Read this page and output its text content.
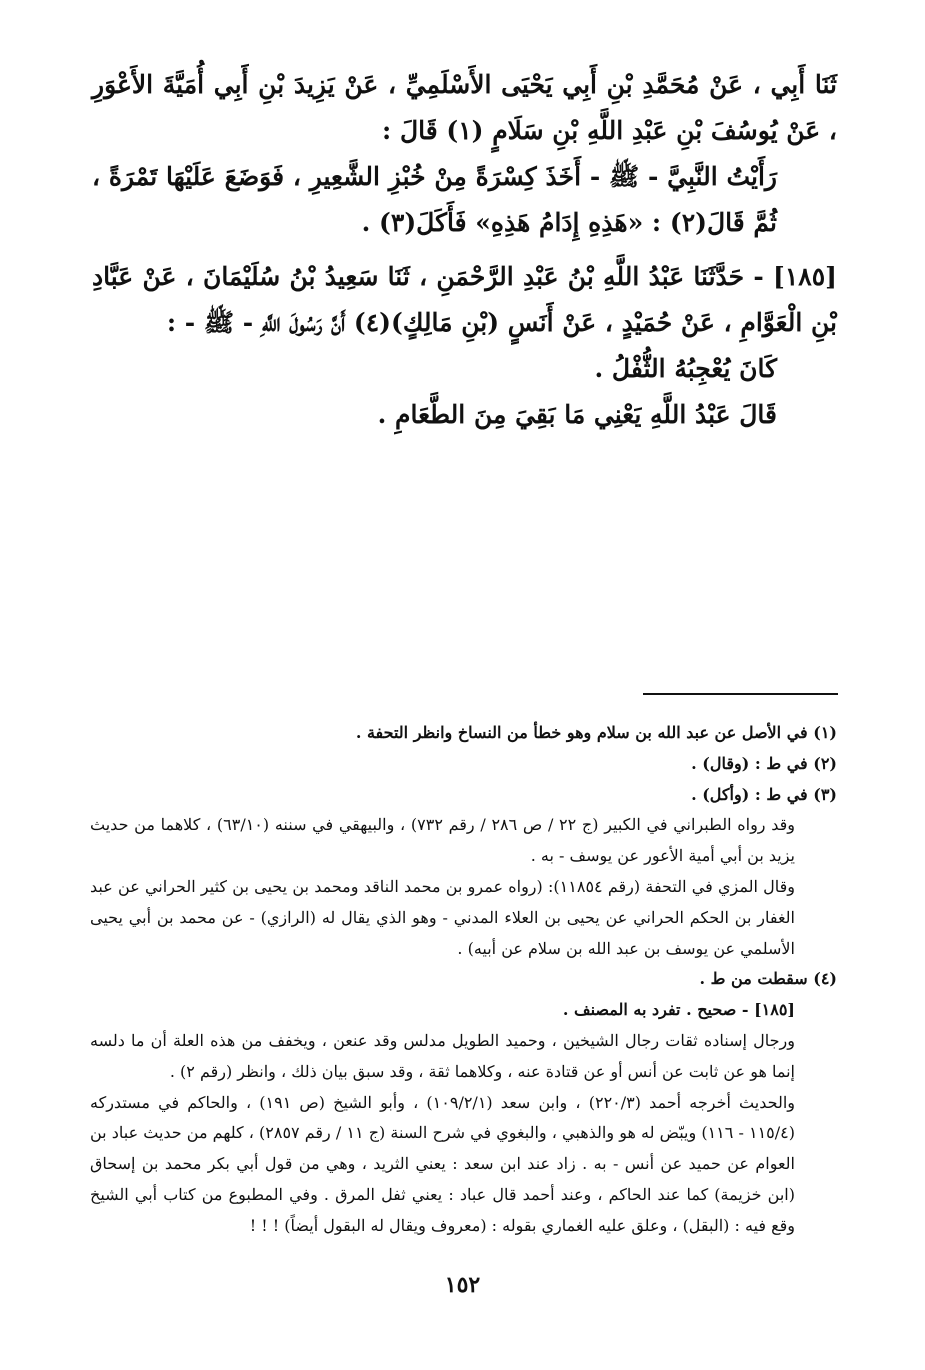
ثَنَا أَبِي ، عَنْ مُحَمَّدِ بْنِ أَبِي يَحْيَى الأَسْلَمِيِّ ، عَنْ يَزِيدَ بْنِ أَبِي أُمَيَّةَ الأَعْوَرِ ، عَنْ يُوسُفَ بْنِ عَبْدِ اللَّهِ بْنِ سَلَامٍ (١) قَالَ :

رَأَيْتُ النَّبِيَّ - ﷺ - أَخَذَ كِسْرَةً مِنْ خُبْزِ الشَّعِيرِ ، فَوَضَعَ عَلَيْهَا تَمْرَةً ، ثُمَّ قَالَ(٢) : «هَذِهِ إِدَامُ هَذِهِ» فَأَكَلَ(٣) .

[١٨٥] - حَدَّثَنَا عَبْدُ اللَّهِ بْنُ عَبْدِ الرَّحْمَنِ ، ثَنَا سَعِيدُ بْنُ سُلَيْمَانَ ، عَنْ عَبَّادِ بْنِ الْعَوَّامِ ، عَنْ حُمَيْدٍ ، عَنْ أَنَسٍ (بْنِ مَالِكٍ)(٤) أَنَّ رَسُولَ اللَّهِ - ﷺ - :

كَانَ يُعْجِبُهُ الثُّفْلُ .

قَالَ عَبْدُ اللَّهِ يَعْنِي مَا بَقِيَ مِنَ الطَّعَامِ .

(١) في الأصل عن عبد الله بن سلام وهو خطأ من النساخ وانظر التحفة .

(٢) في ط : (وقال) .

(٣) في ط : (وأكل) .

وقد رواه الطبراني في الكبير (ج ٢٢ / ص ٢٨٦ / رقم ٧٣٢) ، والبيهقي في سننه (٦٣/١٠) ، كلاهما من حديث يزيد بن أبي أمية الأعور عن يوسف - به .

وقال المزي في التحفة (رقم ١١٨٥٤): (رواه عمرو بن محمد الناقد ومحمد بن يحيى بن كثير الحراني عن عبد الغفار بن الحكم الحراني عن يحيى بن العلاء المدني - وهو الذي يقال له (الرازي) - عن محمد بن أبي يحيى الأسلمي عن يوسف بن عبد الله بن سلام عن أبيه) .

(٤) سقطت من ط .

[١٨٥] - صحيح . تفرد به المصنف .

ورجال إسناده ثقات رجال الشيخين ، وحميد الطويل مدلس وقد عنعن ، ويخفف من هذه العلة أن ما دلسه إنما هو عن ثابت عن أنس أو عن قتادة عنه ، وكلاهما ثقة ، وقد سبق بيان ذلك ، وانظر (رقم ٢) .

والحديث أخرجه أحمد (٢٢٠/٣) ، وابن سعد (١٠٩/٢/١) ، وأبو الشيخ (ص ١٩١) ، والحاكم في مستدركه (١١٥/٤ - ١١٦) ويبّض له هو والذهبي ، والبغوي في شرح السنة (ج ١١ / رقم ٢٨٥٧) ، كلهم من حديث عباد بن العوام عن حميد عن أنس - به . زاد عند ابن سعد : يعني الثريد ، وهي من قول أبي بكر محمد بن إسحاق (ابن خزيمة) كما عند الحاكم ، وعند أحمد قال عباد : يعني ثفل المرق . وفي المطبوع من كتاب أبي الشيخ وقع فيه : (البقل) ، وعلق عليه الغماري بقوله : (معروف ويقال له البقول أيضاً) ! ! !

١٥٢
